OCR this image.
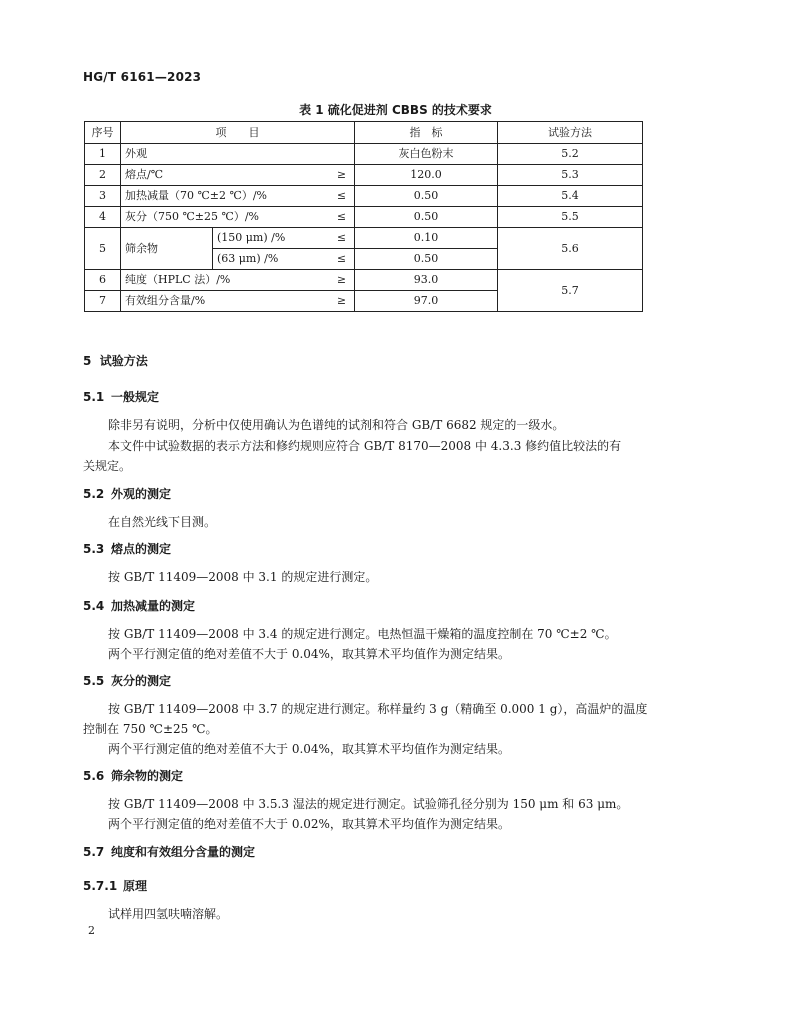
HG/T 6161—2023
表 1 硫化促进剂 CBBS 的技术要求
序号	项　　目			指　标	试验方法
1	外观			灰白色粉末	5.2
2	熔点/℃		≥	120.0	5.3
3	加热减量（70 ℃±2 ℃）/%		≤	0.50	5.4
4	灰分（750 ℃±25 ℃）/%		≤	0.50	5.5
5	筛余物	(150 μm) /%	≤	0.10	5.6
		(63 μm) /%	≤	0.50	
6	纯度（HPLC 法）/%		≥	93.0	5.7
7	有效组分含量/%		≥	97.0	
5 试验方法
5.1 一般规定
除非另有说明，分析中仅使用确认为色谱纯的试剂和符合 GB/T 6682 规定的一级水。
本文件中试验数据的表示方法和修约规则应符合 GB/T 8170—2008 中 4.3.3 修约值比较法的有
关规定。
5.2 外观的测定
在自然光线下目测。
5.3 熔点的测定
按 GB/T 11409—2008 中 3.1 的规定进行测定。
5.4 加热减量的测定
按 GB/T 11409—2008 中 3.4 的规定进行测定。电热恒温干燥箱的温度控制在 70 ℃±2 ℃。
两个平行测定值的绝对差值不大于 0.04%，取其算术平均值作为测定结果。
5.5 灰分的测定
按 GB/T 11409—2008 中 3.7 的规定进行测定。称样量约 3 g（精确至 0.000 1 g），高温炉的温度
控制在 750 ℃±25 ℃。
两个平行测定值的绝对差值不大于 0.04%，取其算术平均值作为测定结果。
5.6 筛余物的测定
按 GB/T 11409—2008 中 3.5.3 湿法的规定进行测定。试验筛孔径分别为 150 μm 和 63 μm。
两个平行测定值的绝对差值不大于 0.02%，取其算术平均值作为测定结果。
5.7 纯度和有效组分含量的测定
5.7.1 原理
试样用四氢呋喃溶解。
2
